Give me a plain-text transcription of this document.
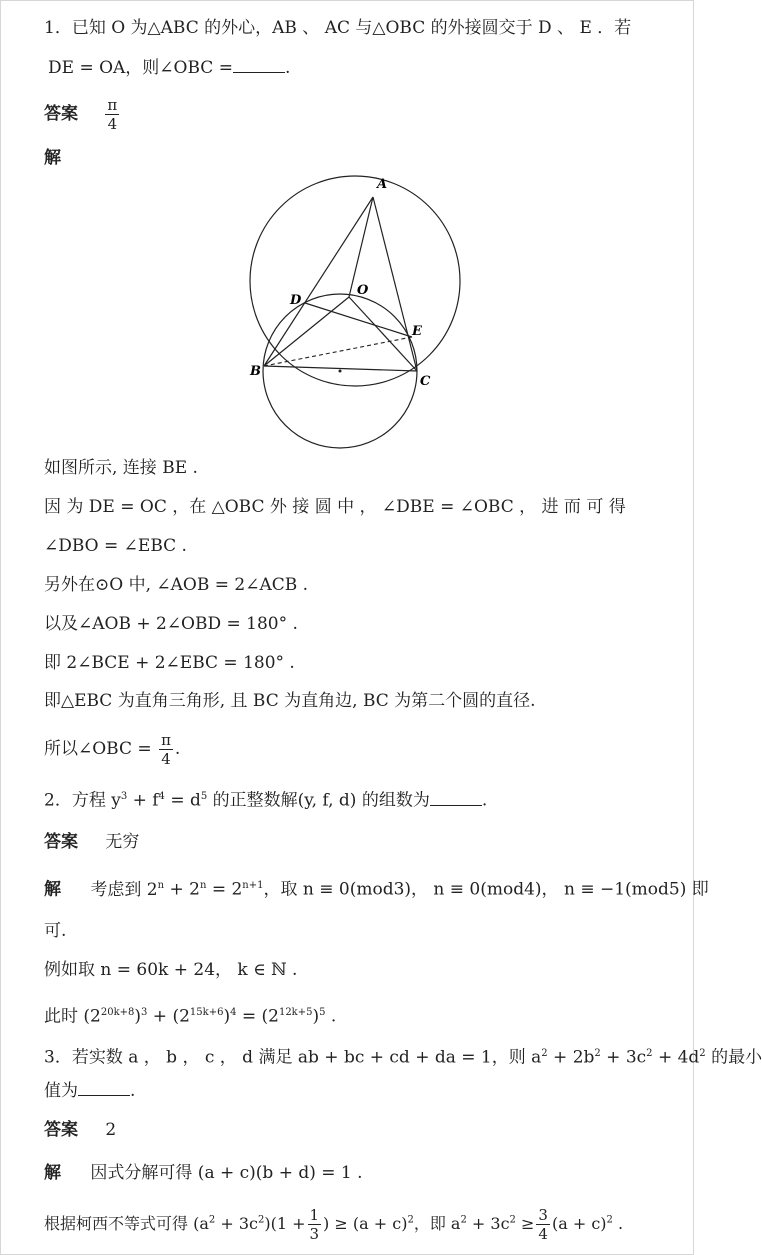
1．已知 O 为△ABC 的外心，AB 、 AC 与△OBC 的外接圆交于 D 、 E ．若
DE = OA，则∠OBC =	.
答案 $\frac{\pi}{4}$
解
A
O
D
E
B
C
如图所示, 连接 BE .
因 为 DE = OC ，在 △OBC 外 接 圆 中 ， ∠DBE = ∠OBC ， 进 而 可 得
∠DBO = ∠EBC .
另外在⊙O 中, ∠AOB = 2∠ACB .
以及∠AOB + 2∠OBD = 180° .
即 2∠BCE + 2∠EBC = 180° .
即△EBC 为直角三角形, 且 BC 为直角边, BC 为第二个圆的直径.
所以∠OBC = $\frac{\pi}{4}$ .
2．方程 $y^3 + f^4 = d^5$ 的正整数解(y, f, d) 的组数为	.
答案 无穷
解 考虑到 $2^n + 2^n = 2^{n+1}$，取 n ≡ 0(mod3)， n ≡ 0(mod4)， n ≡ −1(mod5) 即
可.
例如取 n = 60k + 24， k ∈ ℕ .
此时 $(2^{20k+8})^3 + (2^{15k+6})^4 = (2^{12k+5})^5$ .
3．若实数 a ， b ， c ， d 满足 ab + bc + cd + da = 1，则 $a^2 + 2b^2 + 3c^2 + 4d^2$ 的最小
值为	.
答案 2
解 因式分解可得 (a + c)(b + d) = 1 .
根据柯西不等式可得 $(a^2 + 3c^2)(1 + \frac{1}{3}$ ) ≥ $(a + c)^2$，即 $a^2 + 3c^2 \ge \frac{3}{4} (a + c)^2$ .
